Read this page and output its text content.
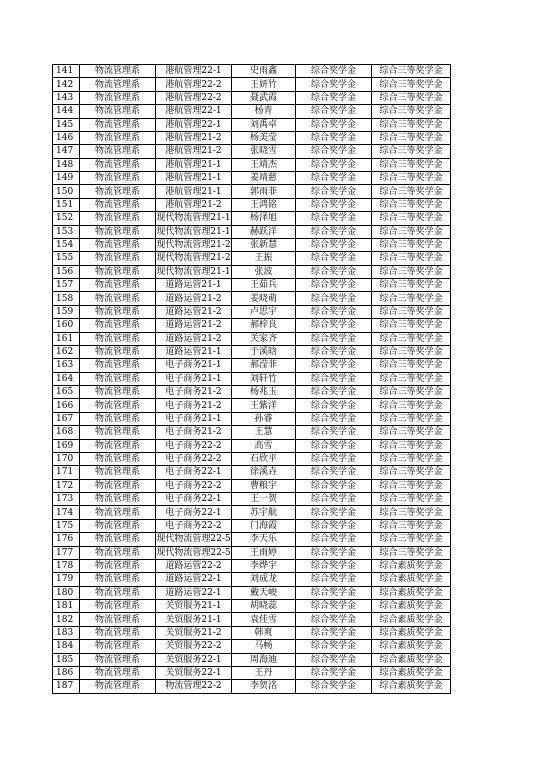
141	物流管理系	港航管理22-1	史雨鑫	综合奖学金	综合三等奖学金
142	物流管理系	港航管理22-2	王妍竹	综合奖学金	综合三等奖学金
143	物流管理系	港航管理22-2	聂武霞	综合奖学金	综合三等奖学金
144	物流管理系	港航管理22-1	杨青	综合奖学金	综合三等奖学金
145	物流管理系	港航管理22-1	刘禹卓	综合奖学金	综合三等奖学金
146	物流管理系	港航管理21-2	杨美莹	综合奖学金	综合三等奖学金
147	物流管理系	港航管理21-2	张晓雪	综合奖学金	综合三等奖学金
148	物流管理系	港航管理21-1	王靖杰	综合奖学金	综合三等奖学金
149	物流管理系	港航管理21-1	姜靖慈	综合奖学金	综合三等奖学金
150	物流管理系	港航管理21-1	郭雨菲	综合奖学金	综合三等奖学金
151	物流管理系	港航管理21-2	王鸿铭	综合奖学金	综合三等奖学金
152	物流管理系	现代物流管理21-1	杨泽旭	综合奖学金	综合三等奖学金
153	物流管理系	现代物流管理21-1	赫跃洋	综合奖学金	综合三等奖学金
154	物流管理系	现代物流管理21-2	张新慧	综合奖学金	综合三等奖学金
155	物流管理系	现代物流管理21-2	王振	综合奖学金	综合三等奖学金
156	物流管理系	现代物流管理21-1	张波	综合奖学金	综合三等奖学金
157	物流管理系	道路运管21-1	王茹兵	综合奖学金	综合三等奖学金
158	物流管理系	道路运管21-2	姜晓萌	综合奖学金	综合三等奖学金
159	物流管理系	道路运管21-2	卢思宇	综合奖学金	综合三等奖学金
160	物流管理系	道路运管21-2	郝梓良	综合奖学金	综合三等奖学金
161	物流管理系	道路运管21-2	关家齐	综合奖学金	综合三等奖学金
162	物流管理系	道路运管21-1	于溪晗	综合奖学金	综合三等奖学金
163	物流管理系	电子商务21-1	郝滢菲	综合奖学金	综合三等奖学金
164	物流管理系	电子商务21-1	刘轩竹	综合奖学金	综合三等奖学金
165	物流管理系	电子商务21-2	杨兆玉	综合奖学金	综合三等奖学金
166	物流管理系	电子商务21-2	王紫洋	综合奖学金	综合三等奖学金
167	物流管理系	电子商务21-1	孙睿	综合奖学金	综合三等奖学金
168	物流管理系	电子商务21-2	王慧	综合奖学金	综合三等奖学金
169	物流管理系	电子商务22-2	高雪	综合奖学金	综合三等奖学金
170	物流管理系	电子商务22-2	石欣平	综合奖学金	综合三等奖学金
171	物流管理系	电子商务22-1	徐溪垚	综合奖学金	综合三等奖学金
172	物流管理系	电子商务22-2	曹粮宇	综合奖学金	综合三等奖学金
173	物流管理系	电子商务22-1	王一贺	综合奖学金	综合三等奖学金
174	物流管理系	电子商务22-1	苏宇航	综合奖学金	综合三等奖学金
175	物流管理系	电子商务22-2	门海霞	综合奖学金	综合三等奖学金
176	物流管理系	现代物流管理22-5	李天乐	综合奖学金	综合三等奖学金
177	物流管理系	现代物流管理22-5	王雨婷	综合奖学金	综合三等奖学金
178	物流管理系	道路运管22-2	李烨宇	综合奖学金	综合素质奖学金
179	物流管理系	道路运管22-1	刘成龙	综合奖学金	综合素质奖学金
180	物流管理系	道路运管22-1	戴天峻	综合奖学金	综合素质奖学金
181	物流管理系	关贸服务21-1	胡晓蕊	综合奖学金	综合素质奖学金
182	物流管理系	关贸服务21-1	袁佳雪	综合奖学金	综合素质奖学金
183	物流管理系	关贸服务21-2	韩爽	综合奖学金	综合素质奖学金
184	物流管理系	关贸服务22-2	马畅	综合奖学金	综合素质奖学金
185	物流管理系	关贸服务22-1	周海迪	综合奖学金	综合素质奖学金
186	物流管理系	关贸服务22-1	王丹	综合奖学金	综合素质奖学金
187	物流管理系	物流管理22-2	李贺洺	综合奖学金	综合素质奖学金
